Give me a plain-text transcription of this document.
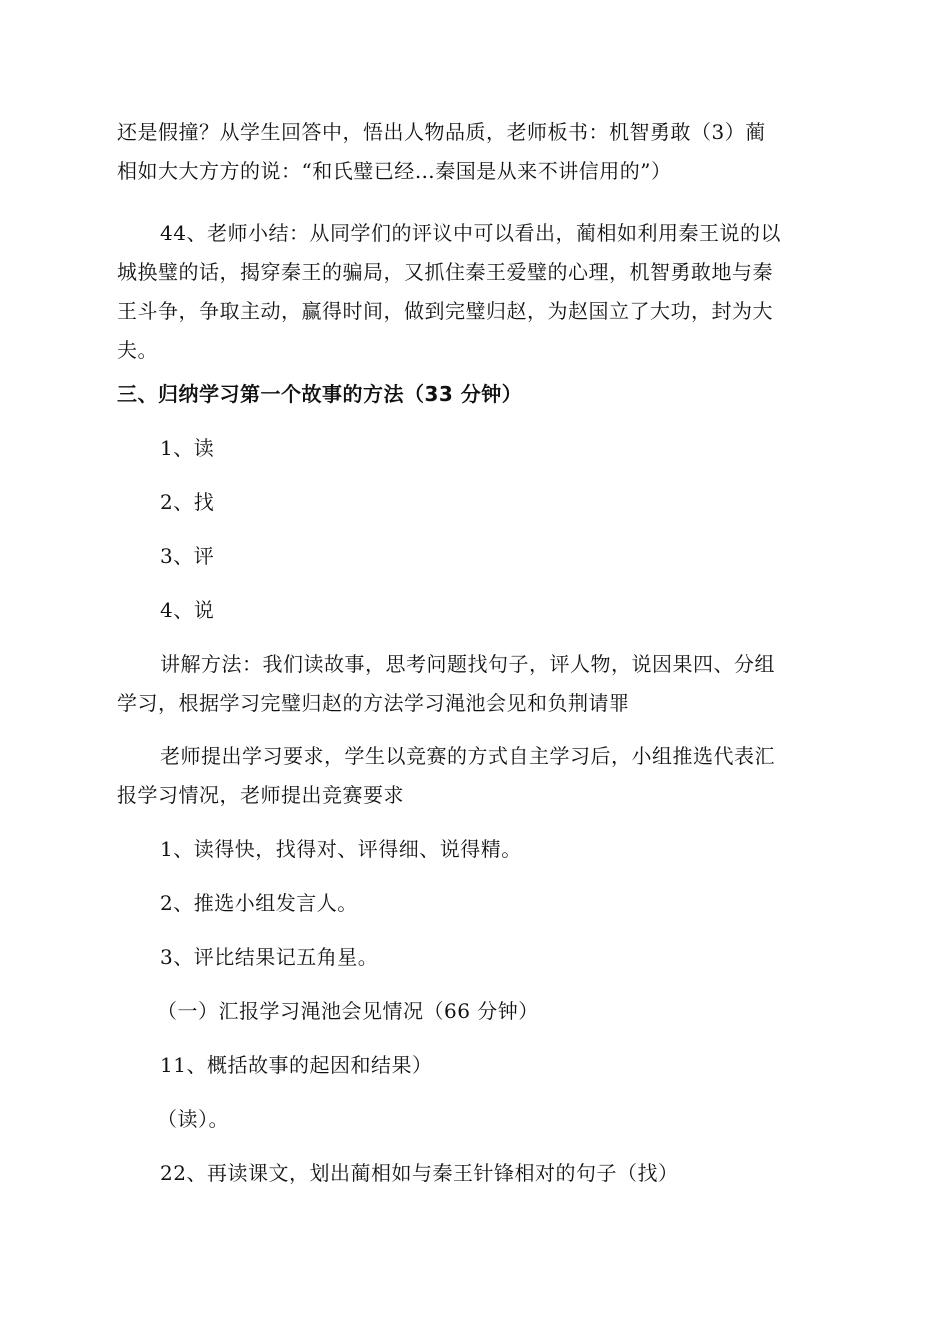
还是假撞？从学生回答中，悟出人物品质，老师板书：机智勇敢（3）蔺
相如大大方方的说：“和氏璧已经…秦国是从来不讲信用的”）
44、老师小结：从同学们的评议中可以看出，蔺相如利用秦王说的以
城换璧的话，揭穿秦王的骗局，又抓住秦王爱璧的心理，机智勇敢地与秦
王斗争，争取主动，赢得时间，做到完璧归赵，为赵国立了大功，封为大
夫。
三、归纳学习第一个故事的方法（33 分钟）
1、读
2、找
3、评
4、说
讲解方法：我们读故事，思考问题找句子，评人物，说因果四、分组
学习，根据学习完璧归赵的方法学习渑池会见和负荆请罪
老师提出学习要求，学生以竞赛的方式自主学习后，小组推选代表汇
报学习情况，老师提出竞赛要求
1、读得快，找得对、评得细、说得精。
2、推选小组发言人。
3、评比结果记五角星。
（一）汇报学习渑池会见情况（66 分钟）
11、概括故事的起因和结果）
（读）。
22、再读课文，划出蔺相如与秦王针锋相对的句子（找）
